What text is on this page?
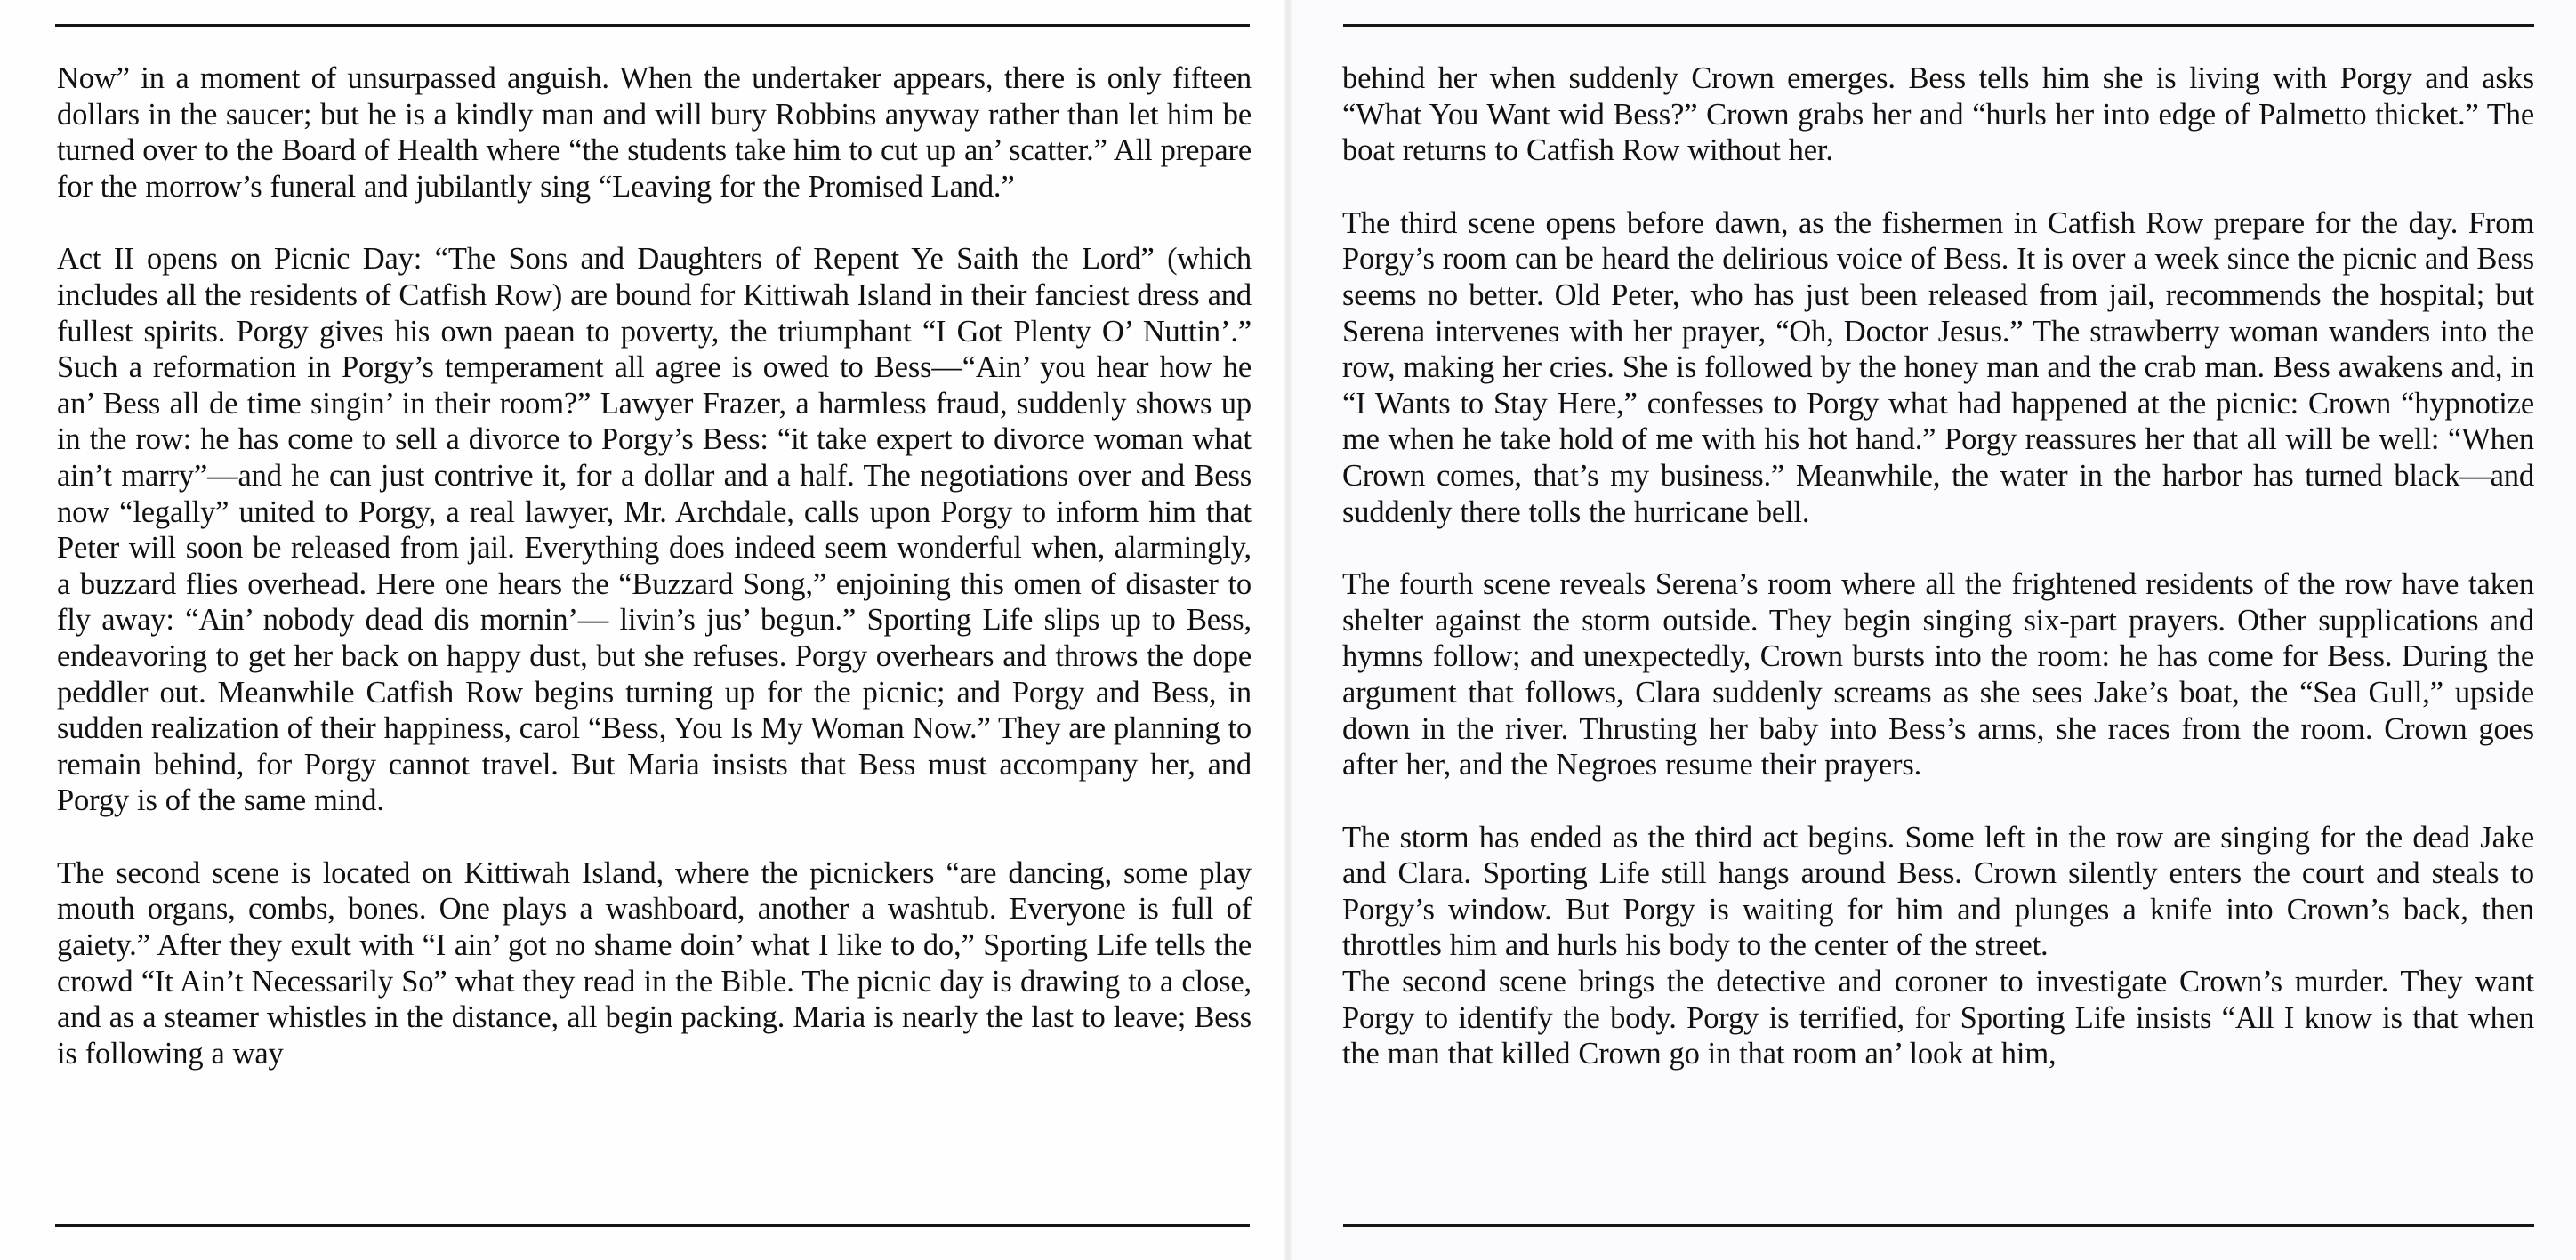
Now” in a moment of unsurpassed anguish. When the undertaker appears, there is only fifteen dollars in the saucer; but he is a kindly man and will bury Robbins anyway rather than let him be turned over to the Board of Health where “the students take him to cut up an’ scatter.” All prepare for the morrow’s funeral and jubilantly sing “Leaving for the Promised Land.”

Act II opens on Picnic Day: “The Sons and Daughters of Repent Ye Saith the Lord” (which includes all the residents of Catfish Row) are bound for Kittiwah Island in their fanciest dress and fullest spirits. Porgy gives his own paean to poverty, the triumphant “I Got Plenty O’ Nuttin’.” Such a reformation in Porgy’s temperament all agree is owed to Bess—“Ain’ you hear how he an’ Bess all de time singin’ in their room?” Lawyer Frazer, a harmless fraud, suddenly shows up in the row: he has come to sell a divorce to Porgy’s Bess: “it take expert to divorce woman what ain’t marry”—and he can just contrive it, for a dollar and a half. The negotiations over and Bess now “legally” united to Porgy, a real lawyer, Mr. Archdale, calls upon Porgy to inform him that Peter will soon be released from jail. Everything does indeed seem wonderful when, alarmingly, a buzzard flies overhead. Here one hears the “Buzzard Song,” enjoining this omen of disaster to fly away: “Ain’ nobody dead dis mornin’— livin’s jus’ begun.” Sporting Life slips up to Bess, endeavoring to get her back on happy dust, but she refuses. Porgy overhears and throws the dope peddler out. Meanwhile Catfish Row begins turning up for the picnic; and Porgy and Bess, in sudden realization of their happiness, carol “Bess, You Is My Woman Now.” They are planning to remain behind, for Porgy cannot travel. But Maria insists that Bess must accompany her, and Porgy is of the same mind.

The second scene is located on Kittiwah Island, where the picnickers “are dancing, some play mouth organs, combs, bones. One plays a washboard, another a washtub. Everyone is full of gaiety.” After they exult with “I ain’ got no shame doin’ what I like to do,” Sporting Life tells the crowd “It Ain’t Necessarily So” what they read in the Bible. The picnic day is drawing to a close, and as a steamer whistles in the distance, all begin packing. Maria is nearly the last to leave; Bess is following a way

behind her when suddenly Crown emerges. Bess tells him she is living with Porgy and asks “What You Want wid Bess?” Crown grabs her and “hurls her into edge of Palmetto thicket.” The boat returns to Catfish Row without her.

The third scene opens before dawn, as the fishermen in Catfish Row prepare for the day. From Porgy’s room can be heard the delirious voice of Bess. It is over a week since the picnic and Bess seems no better. Old Peter, who has just been released from jail, recommends the hospital; but Serena intervenes with her prayer, “Oh, Doctor Jesus.” The strawberry woman wanders into the row, making her cries. She is followed by the honey man and the crab man. Bess awakens and, in “I Wants to Stay Here,” confesses to Porgy what had happened at the picnic: Crown “hypnotize me when he take hold of me with his hot hand.” Porgy reassures her that all will be well: “When Crown comes, that’s my business.” Meanwhile, the water in the harbor has turned black—and suddenly there tolls the hurricane bell.

The fourth scene reveals Serena’s room where all the frightened residents of the row have taken shelter against the storm outside. They begin singing six-part prayers. Other supplications and hymns follow; and unexpectedly, Crown bursts into the room: he has come for Bess. During the argument that follows, Clara suddenly screams as she sees Jake’s boat, the “Sea Gull,” upside down in the river. Thrusting her baby into Bess’s arms, she races from the room. Crown goes after her, and the Negroes resume their prayers.

The storm has ended as the third act begins. Some left in the row are singing for the dead Jake and Clara. Sporting Life still hangs around Bess. Crown silently enters the court and steals to Porgy’s window. But Porgy is waiting for him and plunges a knife into Crown’s back, then throttles him and hurls his body to the center of the street.

The second scene brings the detective and coroner to investigate Crown’s murder. They want Porgy to identify the body. Porgy is terrified, for Sporting Life insists “All I know is that when the man that killed Crown go in that room an’ look at him,
